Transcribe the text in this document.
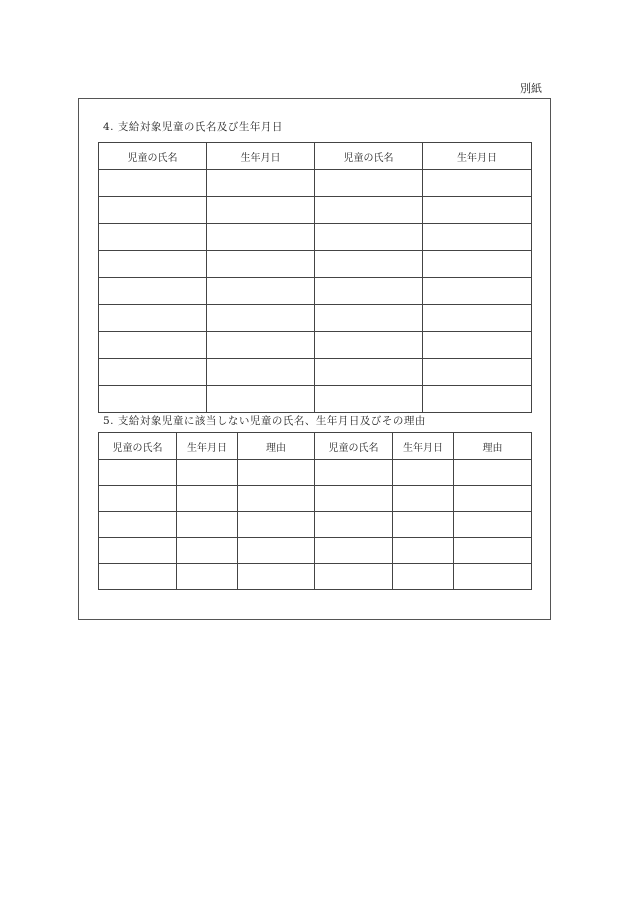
別紙
4. 支給対象児童の氏名及び生年月日
児童の氏名	生年月日	児童の氏名	生年月日

5. 支給対象児童に該当しない児童の氏名、生年月日及びその理由
児童の氏名	生年月日	理由	児童の氏名	生年月日	理由
